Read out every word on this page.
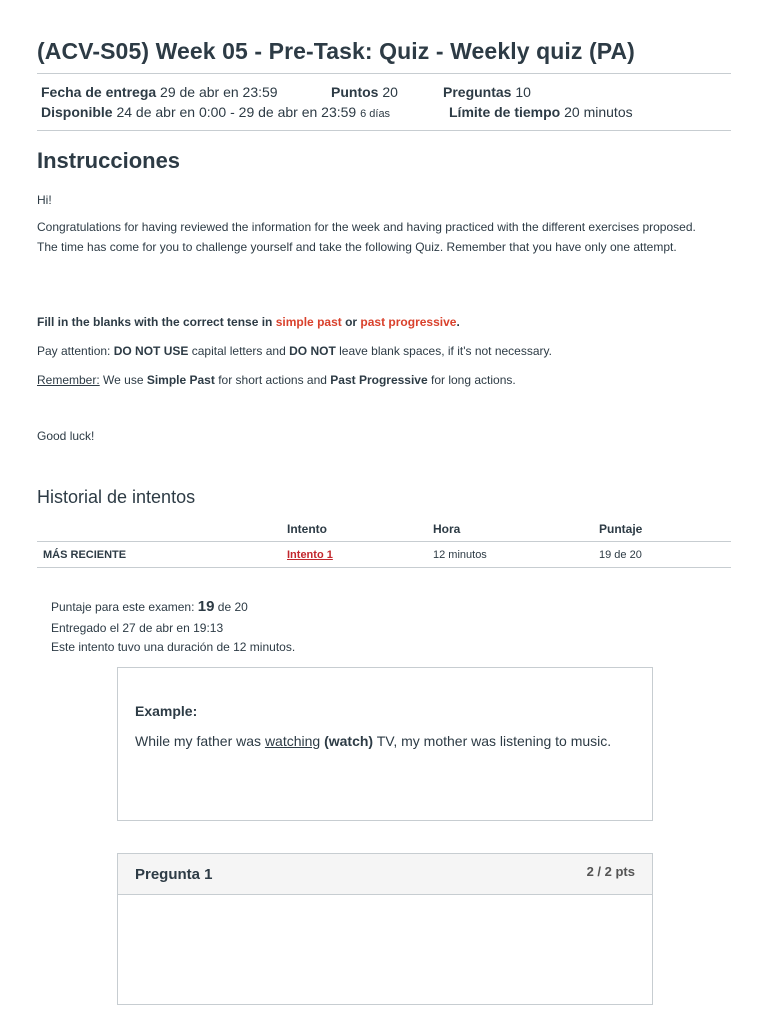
(ACV-S05) Week 05 - Pre-Task: Quiz - Weekly quiz (PA)
Fecha de entrega 29 de abr en 23:59	Puntos 20	Preguntas 10
Disponible 24 de abr en 0:00 - 29 de abr en 23:59 6 días	Límite de tiempo 20 minutos
Instrucciones
Hi!
Congratulations for having reviewed the information for the week and having practiced with the different exercises proposed. The time has come for you to challenge yourself and take the following Quiz. Remember that you have only one attempt.
Fill in the blanks with the correct tense in simple past or past progressive.
Pay attention: DO NOT USE capital letters and DO NOT leave blank spaces, if it's not necessary.
Remember: We use Simple Past for short actions and Past Progressive for long actions.
Good luck!
Historial de intentos
	Intento	Hora	Puntaje
MÁS RECIENTE	Intento 1	12 minutos	19 de 20
Puntaje para este examen: 19 de 20
Entregado el 27 de abr en 19:13
Este intento tuvo una duración de 12 minutos.
Example:
While my father was watching (watch) TV, my mother was listening to music.
Pregunta 1	2 / 2 pts
